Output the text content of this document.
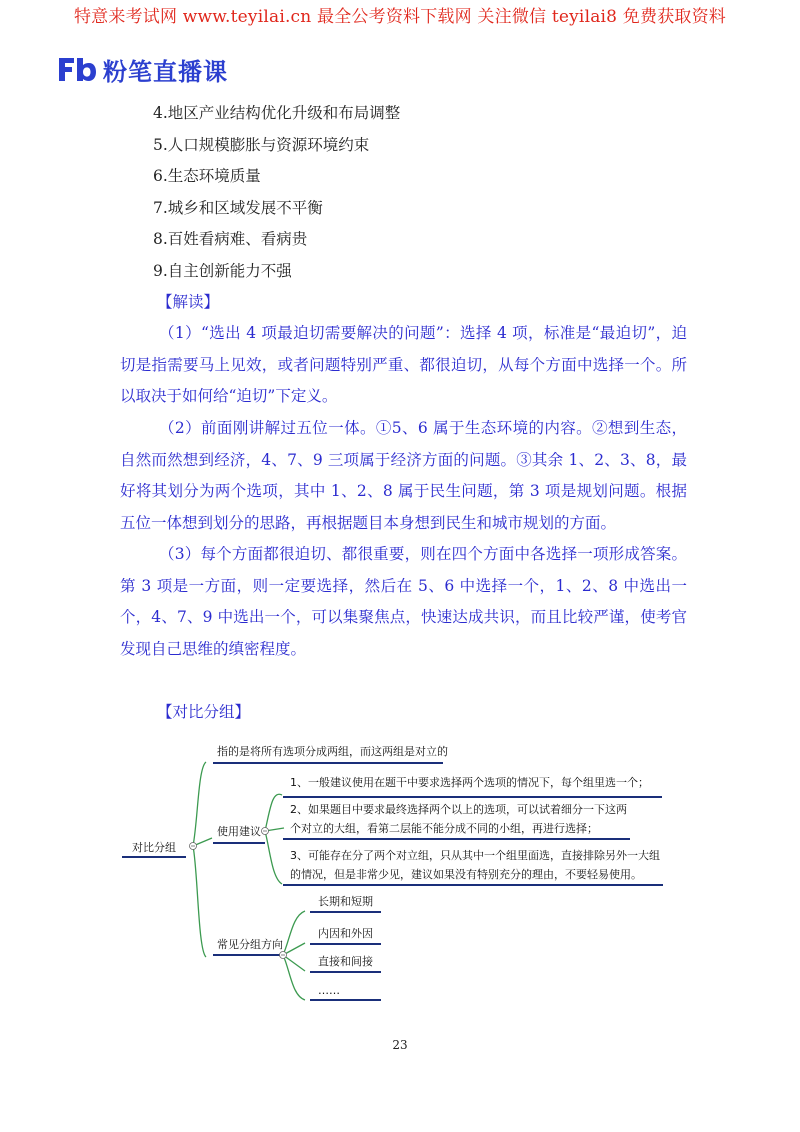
特意来考试网 www.teyilai.cn 最全公考资料下载网 关注微信 teyilai8 免费获取资料
粉笔直播课
4.地区产业结构优化升级和布局调整
5.人口规模膨胀与资源环境约束
6.生态环境质量
7.城乡和区域发展不平衡
8.百姓看病难、看病贵
9.自主创新能力不强
【解读】

（1）“选出 4 项最迫切需要解决的问题”：选择 4 项，标准是“最迫切”，迫切是指需要马上见效，或者问题特别严重、都很迫切，从每个方面中选择一个。所以取决于如何给“迫切”下定义。

（2）前面刚讲解过五位一体。①5、6 属于生态环境的内容。②想到生态，自然而然想到经济，4、7、9 三项属于经济方面的问题。③其余 1、2、3、8，最好将其划分为两个选项，其中 1、2、8 属于民生问题，第 3 项是规划问题。根据五位一体想到划分的思路，再根据题目本身想到民生和城市规划的方面。

（3）每个方面都很迫切、都很重要，则在四个方面中各选择一项形成答案。第 3 项是一方面，则一定要选择，然后在 5、6 中选择一个，1、2、8 中选出一个，4、7、9 中选出一个，可以集聚焦点，快速达成共识，而且比较严谨，使考官发现自己思维的缜密程度。

【对比分组】
对比分组
指的是将所有选项分成两组，而这两组是对立的
使用建议
1、一般建议使用在题干中要求选择两个选项的情况下，每个组里选一个；
2、如果题目中要求最终选择两个以上的选项，可以试着细分一下这两
个对立的大组，看第二层能不能分成不同的小组，再进行选择；
3、可能存在分了两个对立组，只从其中一个组里面选，直接排除另外一大组
的情况，但是非常少见，建议如果没有特别充分的理由，不要轻易使用。
常见分组方向
长期和短期
内因和外因
直接和间接
……
23
